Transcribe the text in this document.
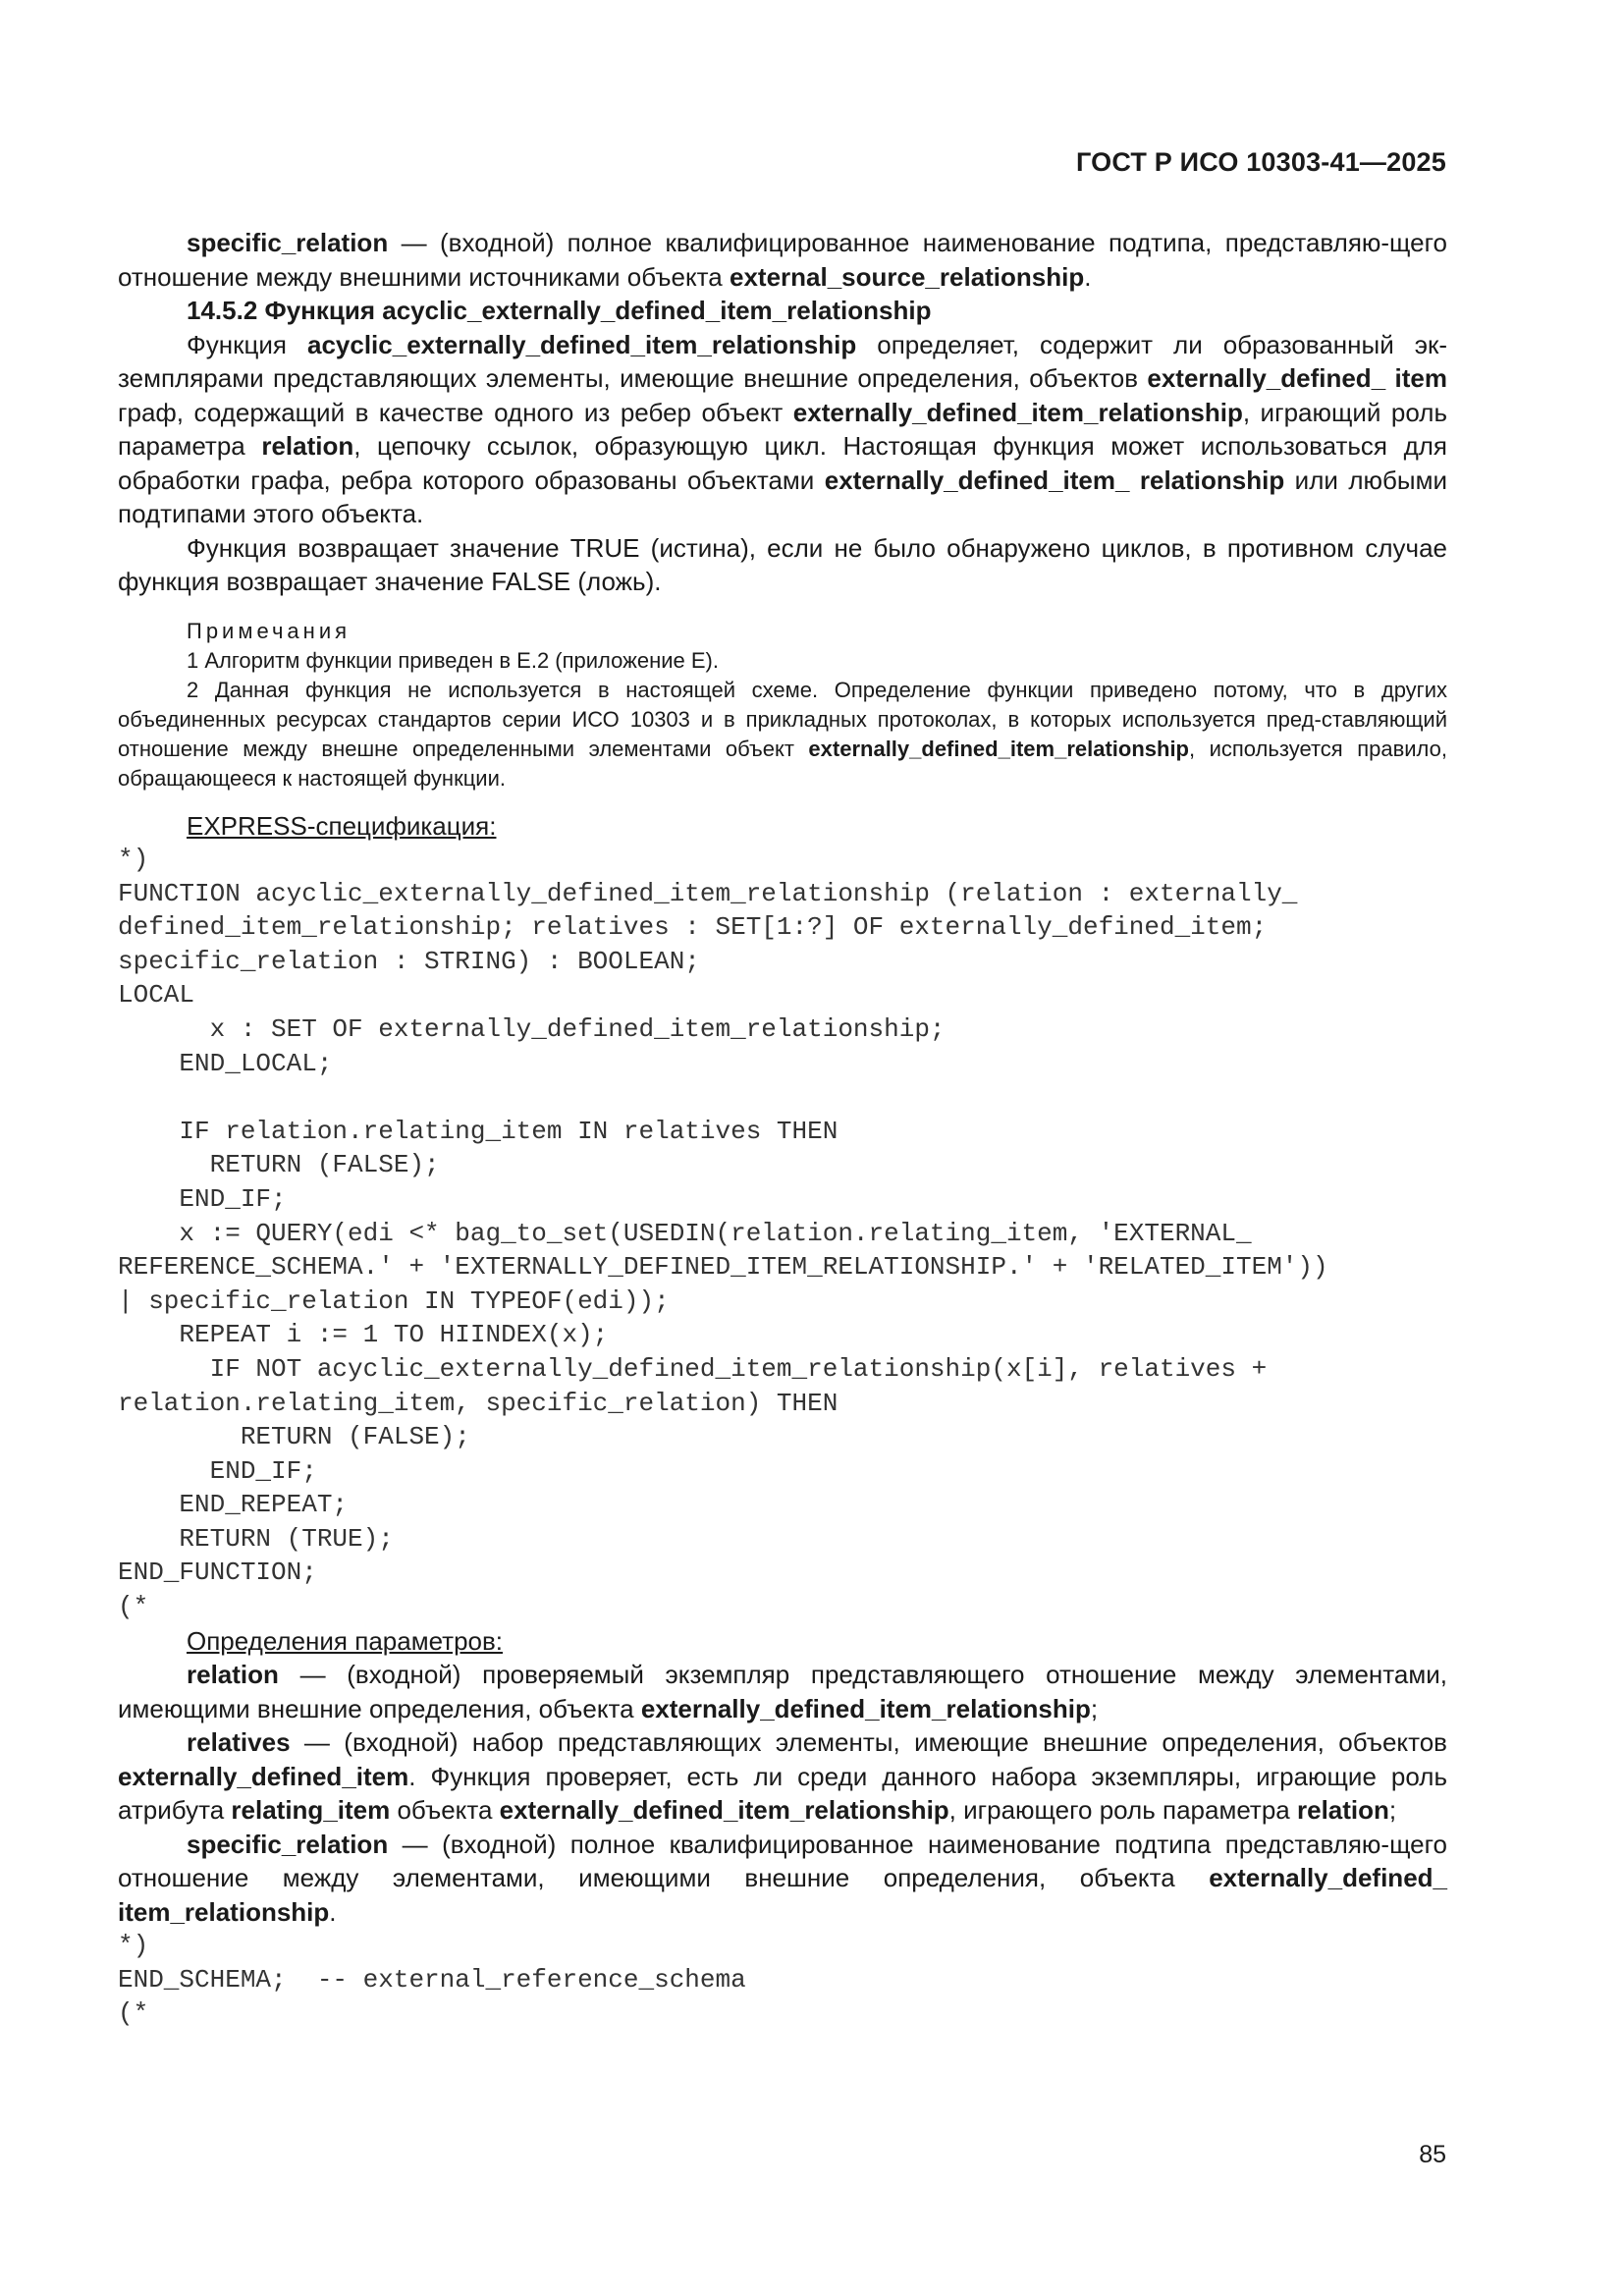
ГОСТ Р ИСО 10303-41—2025

specific_relation — (входной) полное квалифицированное наименование подтипа, представляю-щего отношение между внешними источниками объекта external_source_relationship.

14.5.2 Функция acyclic_externally_defined_item_relationship

Функция acyclic_externally_defined_item_relationship определяет, содержит ли образованный эк-земплярами представляющих элементы, имеющие внешние определения, объектов externally_defined_ item граф, содержащий в качестве одного из ребер объект externally_defined_item_relationship, играющий роль параметра relation, цепочку ссылок, образующую цикл. Настоящая функция может использоваться для обработки графа, ребра которого образованы объектами externally_defined_item_ relationship или любыми подтипами этого объекта.

Функция возвращает значение TRUE (истина), если не было обнаружено циклов, в противном случае функция возвращает значение FALSE (ложь).

Примечания

1 Алгоритм функции приведен в Е.2 (приложение Е).

2 Данная функция не используется в настоящей схеме. Определение функции приведено потому, что в других объединенных ресурсах стандартов серии ИСО 10303 и в прикладных протоколах, в которых используется пред-ставляющий отношение между внешне определенными элементами объект externally_defined_item_relationship, используется правило, обращающееся к настоящей функции.

EXPRESS-спецификация:

*)
FUNCTION acyclic_externally_defined_item_relationship (relation : externally_
defined_item_relationship; relatives : SET[1:?] OF externally_defined_item;
specific_relation : STRING) : BOOLEAN;
LOCAL
x : SET OF externally_defined_item_relationship;
END_LOCAL;

IF relation.relating_item IN relatives THEN
RETURN (FALSE);
END_IF;
x := QUERY(edi <* bag_to_set(USEDIN(relation.relating_item, 'EXTERNAL_
REFERENCE_SCHEMA.' + 'EXTERNALLY_DEFINED_ITEM_RELATIONSHIP.' + 'RELATED_ITEM'))
| specific_relation IN TYPEOF(edi));
REPEAT i := 1 TO HIINDEX(x);
IF NOT acyclic_externally_defined_item_relationship(x[i], relatives +
relation.relating_item, specific_relation) THEN
RETURN (FALSE);
END_IF;
END_REPEAT;
RETURN (TRUE);
END_FUNCTION;
(*

Определения параметров:

relation — (входной) проверяемый экземпляр представляющего отношение между элементами, имеющими внешние определения, объекта externally_defined_item_relationship;

relatives — (входной) набор представляющих элементы, имеющие внешние определения, объектов externally_defined_item. Функция проверяет, есть ли среди данного набора экземпляры, играющие роль атрибута relating_item объекта externally_defined_item_relationship, играющего роль параметра relation;

specific_relation — (входной) полное квалифицированное наименование подтипа представляю-щего отношение между элементами, имеющими внешние определения, объекта externally_defined_ item_relationship.

*)
END_SCHEMA;  -- external_reference_schema
(*
85
